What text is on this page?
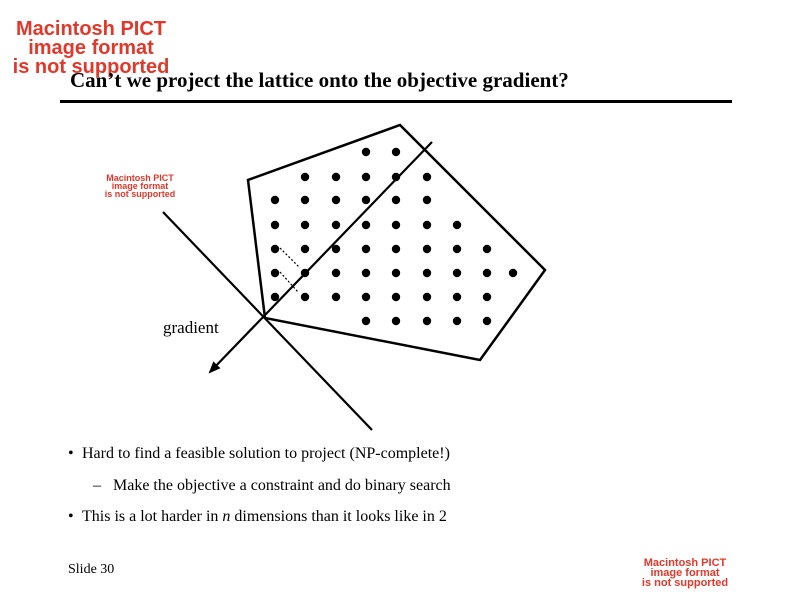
Macintosh PICT
image format
is not supported
Can’t we project the lattice onto the objective gradient?
Macintosh PICT
image format
is not supported
gradient
• Hard to find a feasible solution to project (NP-complete!)
– Make the objective a constraint and do binary search
• This is a lot harder in n dimensions than it looks like in 2
Slide 30	Macintosh PICT
image format
is not supported
